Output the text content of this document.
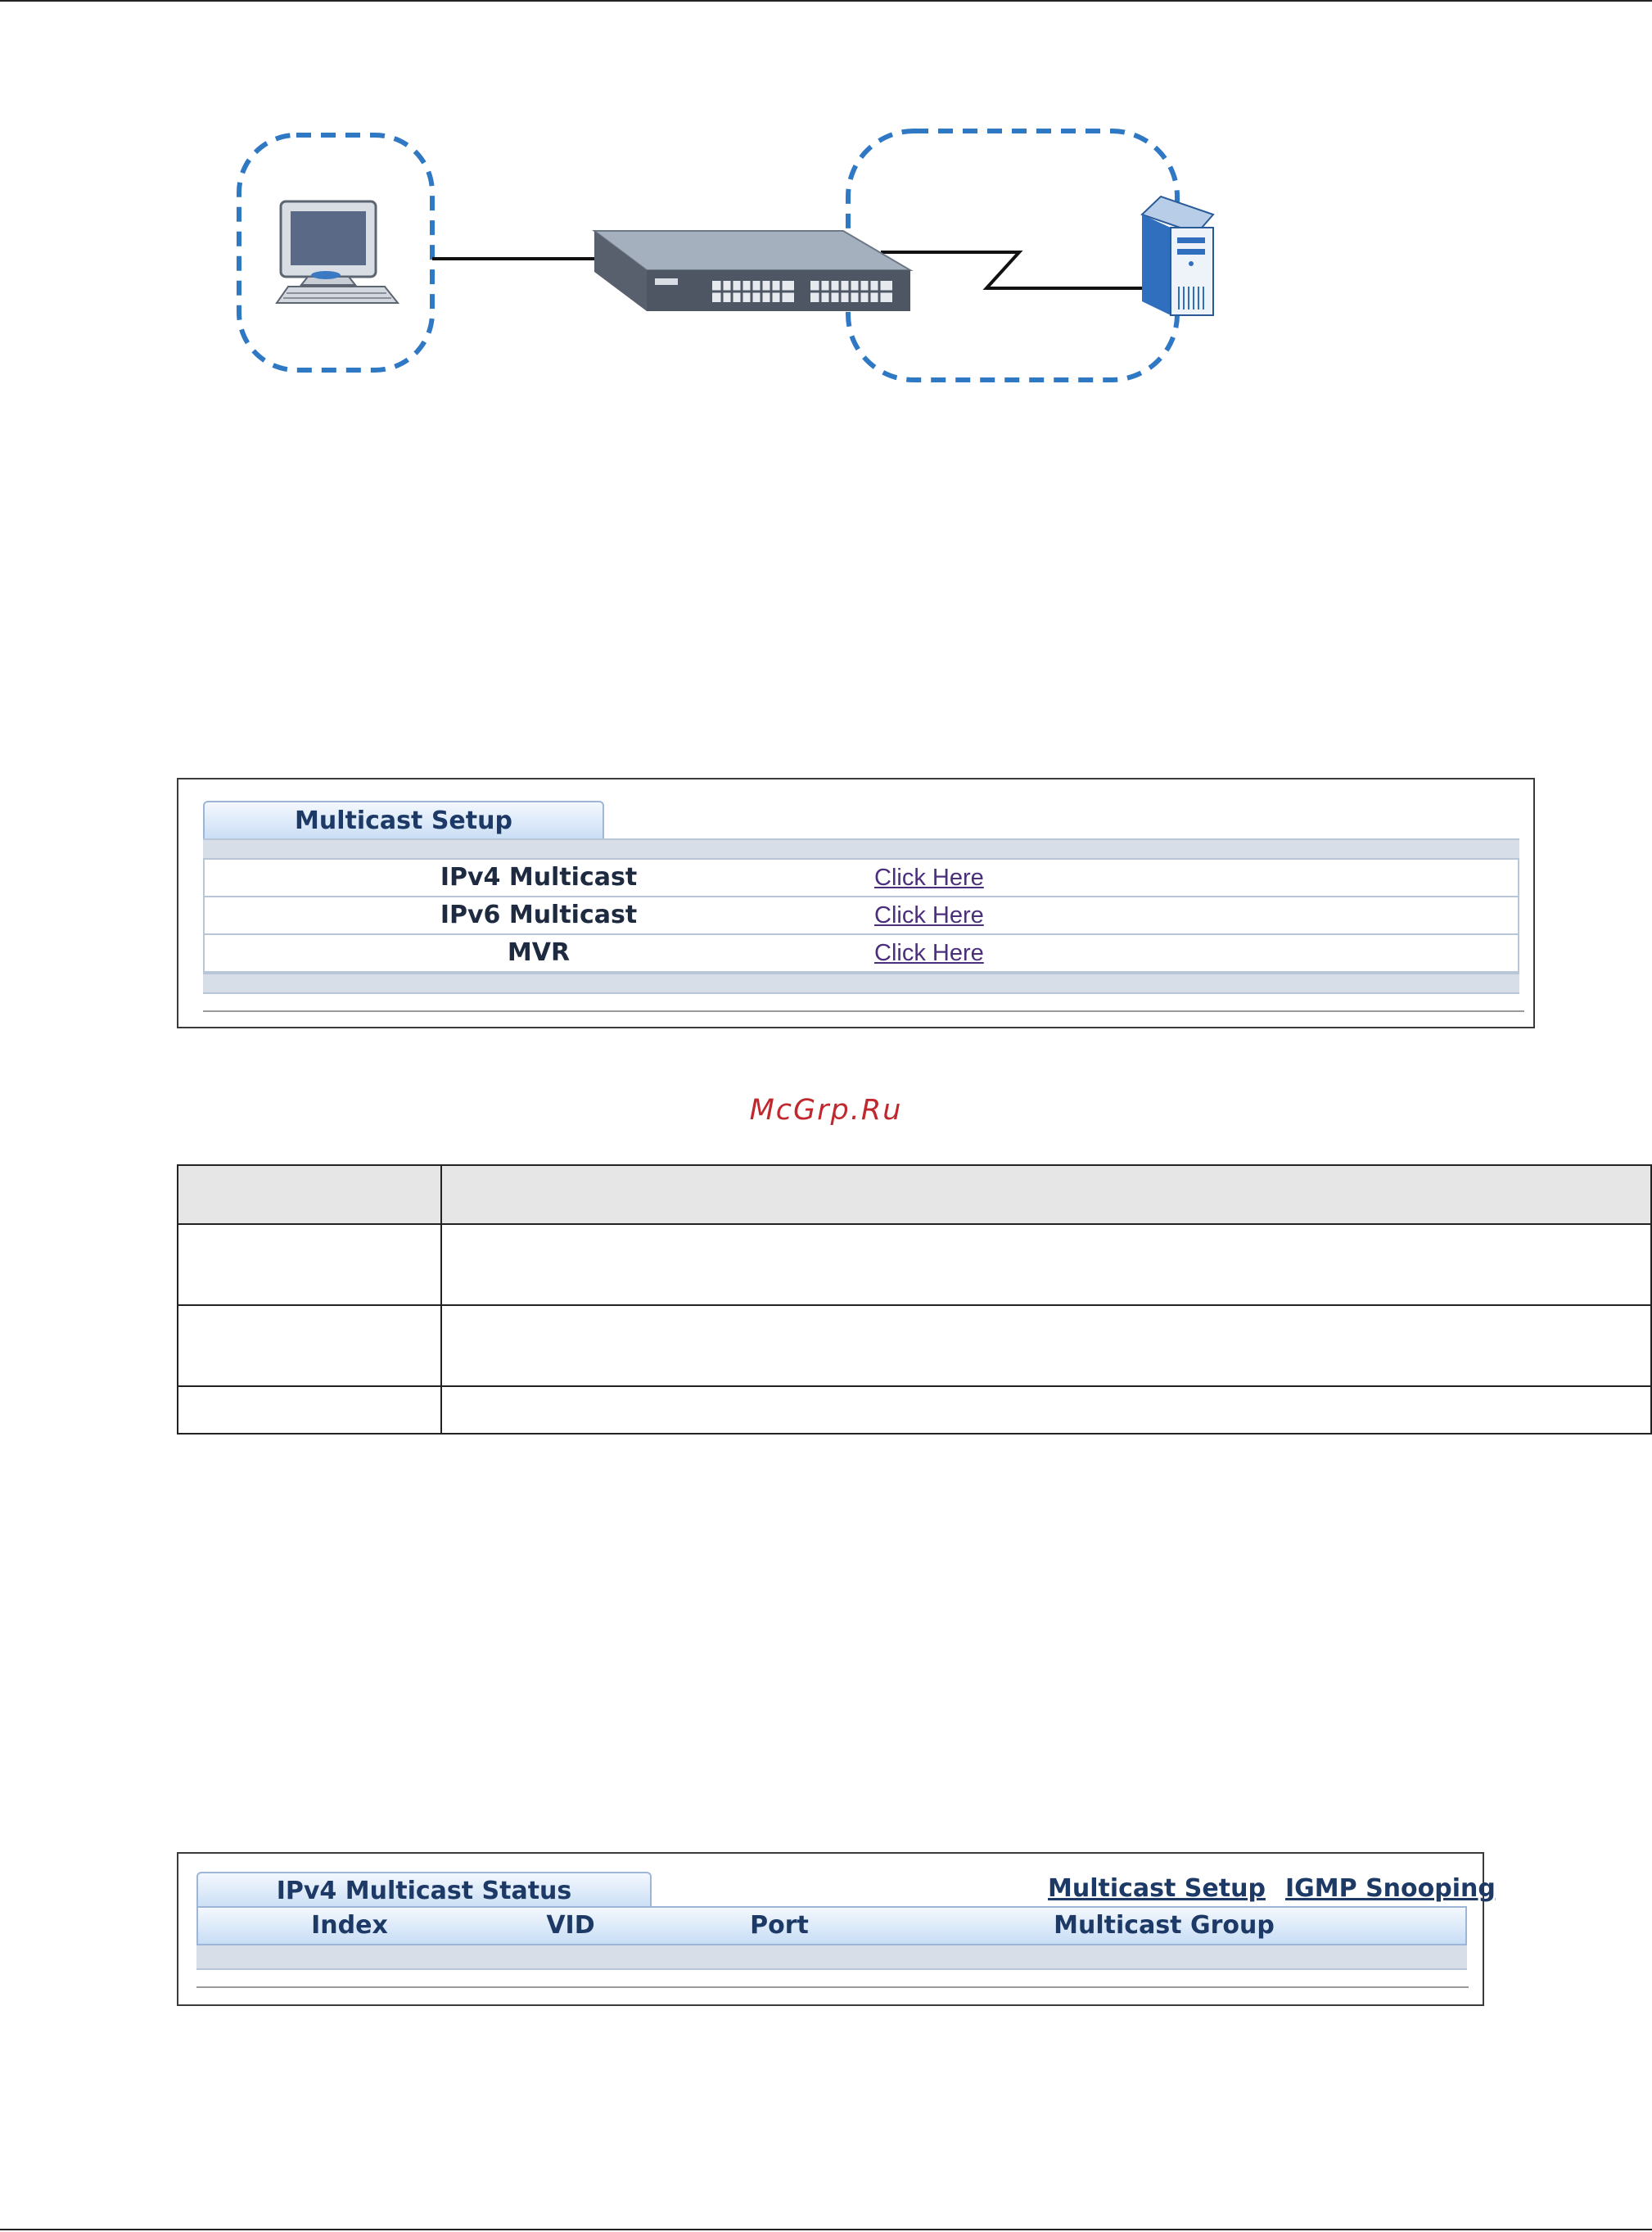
Multicast Setup
IPv4 Multicast	Click Here
IPv6 Multicast	Click Here
MVR	Click Here
McGrp.Ru

IPv4 Multicast Status	Multicast Setup IGMP Snooping
Index	VID	Port	Multicast Group
